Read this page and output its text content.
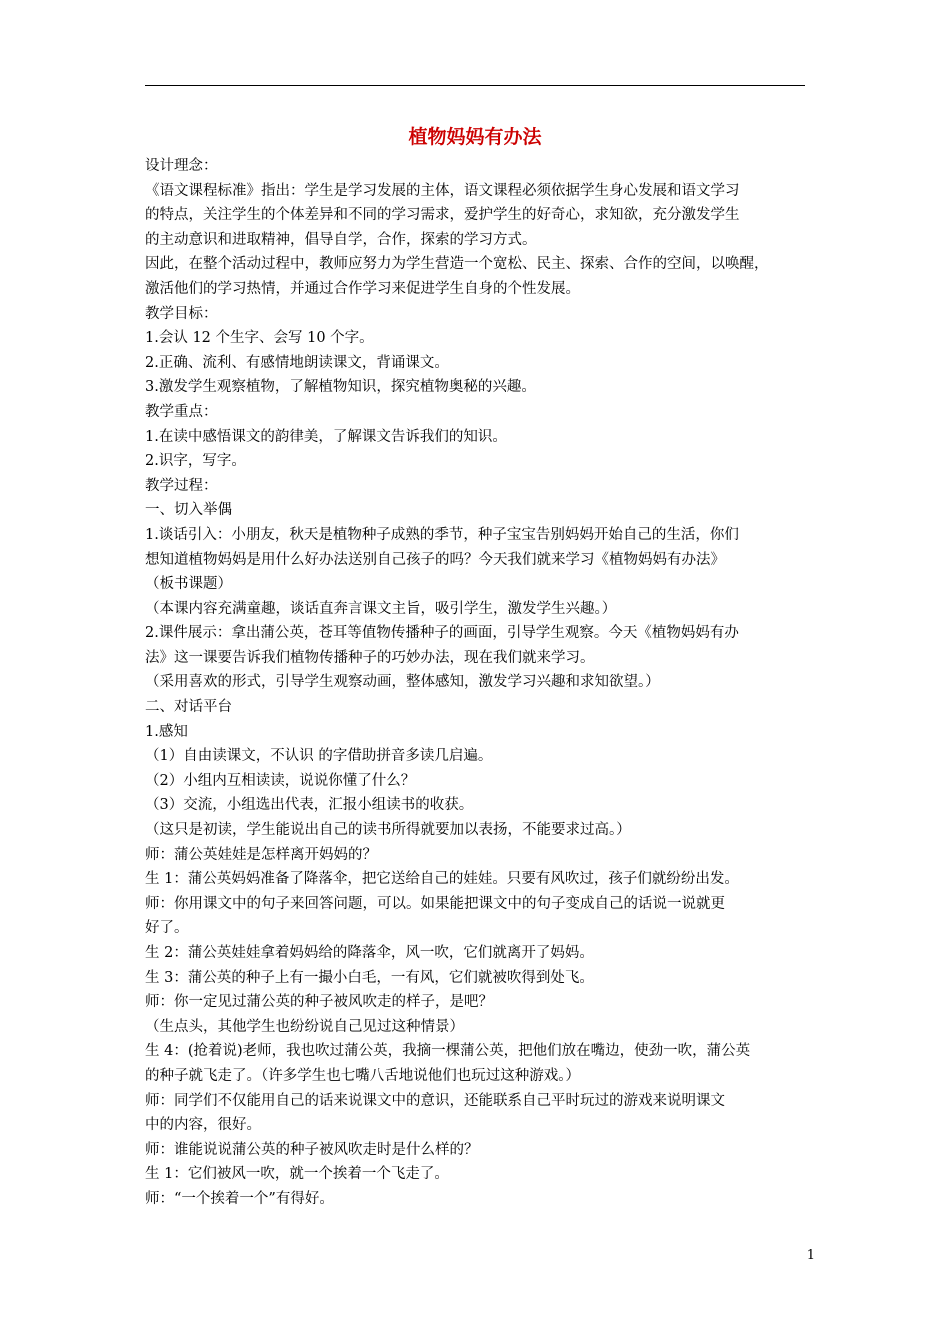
植物妈妈有办法
设计理念：
《语文课程标准》指出：学生是学习发展的主体，语文课程必须依据学生身心发展和语文学习
的特点，关注学生的个体差异和不同的学习需求，爱护学生的好奇心，求知欲，充分激发学生
的主动意识和进取精神，倡导自学，合作，探索的学习方式。
因此，在整个活动过程中，教师应努力为学生营造一个宽松、民主、探索、合作的空间，以唤醒，
激活他们的学习热情，并通过合作学习来促进学生自身的个性发展。
教学目标：
1.会认 12 个生字、会写 10 个字。
2.正确、流利、有感情地朗读课文，背诵课文。
3.激发学生观察植物，了解植物知识，探究植物奥秘的兴趣。
教学重点：
1.在读中感悟课文的韵律美，了解课文告诉我们的知识。
2.识字，写字。
教学过程：
一、切入举偶
1.谈话引入：小朋友，秋天是植物种子成熟的季节，种子宝宝告别妈妈开始自己的生活，你们
想知道植物妈妈是用什么好办法送别自己孩子的吗？今天我们就来学习《植物妈妈有办法》
（板书课题）
（本课内容充满童趣，谈话直奔言课文主旨，吸引学生，激发学生兴趣。）
2.课件展示：拿出蒲公英，苍耳等值物传播种子的画面，引导学生观察。今天《植物妈妈有办
法》这一课要告诉我们植物传播种子的巧妙办法，现在我们就来学习。
（采用喜欢的形式，引导学生观察动画，整体感知，激发学习兴趣和求知欲望。）
二、对话平台
1.感知
（1）自由读课文，不认识 的字借助拼音多读几启遍。
（2）小组内互相读读，说说你懂了什么？
（3）交流，小组选出代表，汇报小组读书的收获。
（这只是初读，学生能说出自己的读书所得就要加以表扬，不能要求过高。）
师：蒲公英娃娃是怎样离开妈妈的？
生 1：蒲公英妈妈准备了降落伞，把它送给自己的娃娃。只要有风吹过，孩子们就纷纷出发。
师：你用课文中的句子来回答问题，可以。如果能把课文中的句子变成自己的话说一说就更
好了。
生 2：蒲公英娃娃拿着妈妈给的降落伞，风一吹，它们就离开了妈妈。
生 3：蒲公英的种子上有一撮小白毛，一有风，它们就被吹得到处飞。
师：你一定见过蒲公英的种子被风吹走的样子，是吧？
（生点头，其他学生也纷纷说自己见过这种情景）
生 4：(抢着说)老师，我也吹过蒲公英，我摘一棵蒲公英，把他们放在嘴边，使劲一吹，蒲公英
的种子就飞走了。（许多学生也七嘴八舌地说他们也玩过这种游戏。）
师：同学们不仅能用自己的话来说课文中的意识，还能联系自己平时玩过的游戏来说明课文
中的内容，很好。
师：谁能说说蒲公英的种子被风吹走时是什么样的？
生 1：它们被风一吹，就一个挨着一个飞走了。
师：“一个挨着一个”有得好。
1
